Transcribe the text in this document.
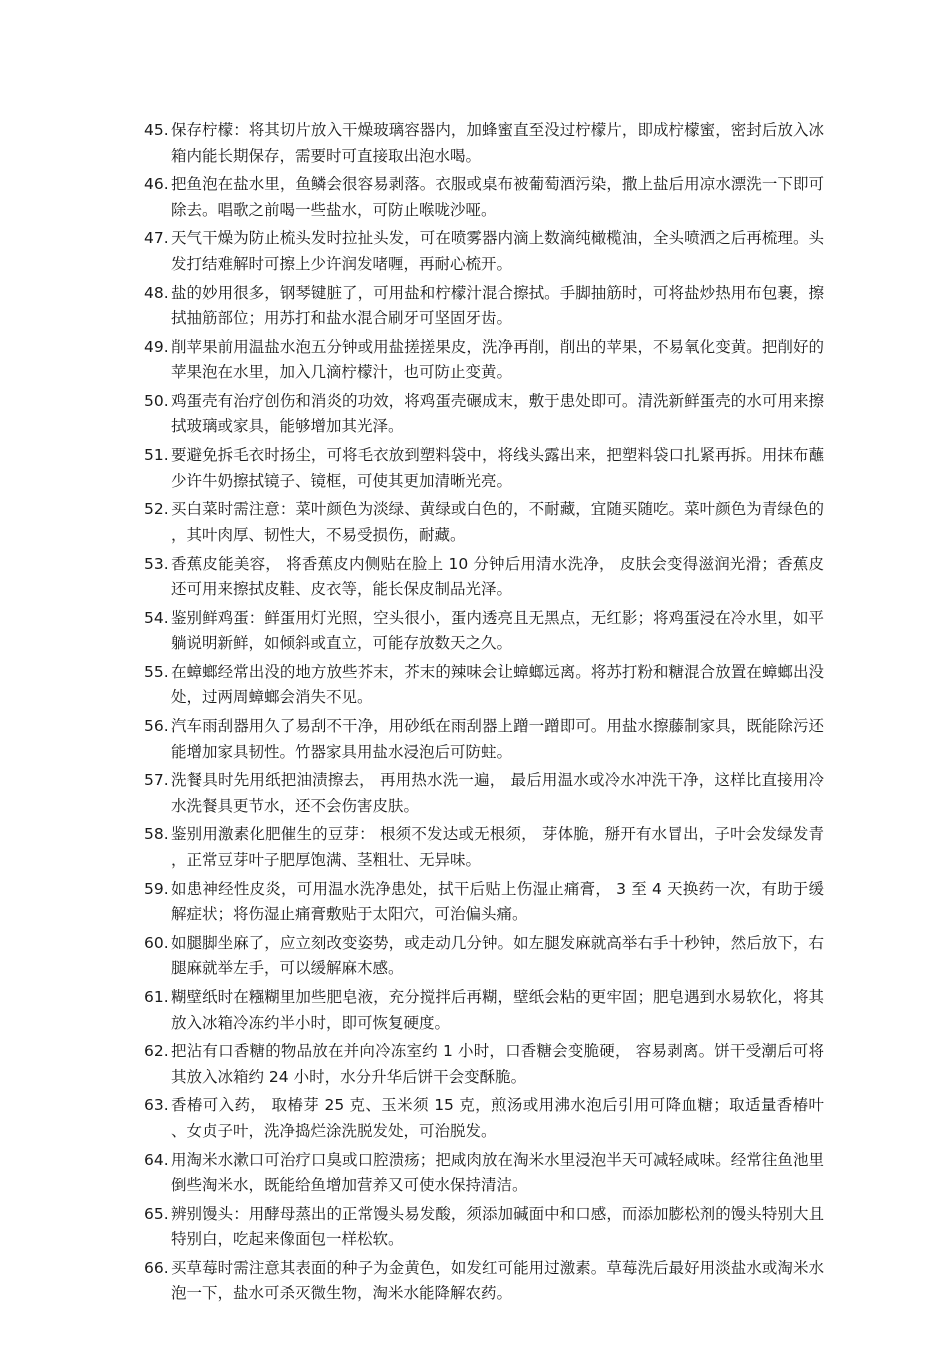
45. 保存柠檬：将其切片放入干燥玻璃容器内，加蜂蜜直至没过柠檬片，即成柠檬蜜，密封后放入冰箱内能长期保存，需要时可直接取出泡水喝。
46. 把鱼泡在盐水里，鱼鳞会很容易剥落。衣服或桌布被葡萄酒污染，撒上盐后用凉水漂洗一下即可除去。唱歌之前喝一些盐水，可防止喉咙沙哑。
47. 天气干燥为防止梳头发时拉扯头发，可在喷雾器内滴上数滴纯橄榄油，全头喷洒之后再梳理。头发打结难解时可擦上少许润发啫喱，再耐心梳开。
48. 盐的妙用很多，钢琴键脏了，可用盐和柠檬汁混合擦拭。手脚抽筋时，可将盐炒热用布包裹，擦拭抽筋部位；用苏打和盐水混合刷牙可坚固牙齿。
49. 削苹果前用温盐水泡五分钟或用盐搓搓果皮，洗净再削，削出的苹果，不易氧化变黄。把削好的苹果泡在水里，加入几滴柠檬汁，也可防止变黄。
50. 鸡蛋壳有治疗创伤和消炎的功效，将鸡蛋壳碾成末，敷于患处即可。清洗新鲜蛋壳的水可用来擦拭玻璃或家具，能够增加其光泽。
51. 要避免拆毛衣时扬尘，可将毛衣放到塑料袋中，将线头露出来，把塑料袋口扎紧再拆。用抹布蘸少许牛奶擦拭镜子、镜框，可使其更加清晰光亮。
52. 买白菜时需注意：菜叶颜色为淡绿、黄绿或白色的，不耐藏，宜随买随吃。菜叶颜色为青绿色的，其叶肉厚、韧性大，不易受损伤，耐藏。
53. 香蕉皮能美容， 将香蕉皮内侧贴在脸上 10 分钟后用清水洗净， 皮肤会变得滋润光滑；香蕉皮还可用来擦拭皮鞋、皮衣等，能长保皮制品光泽。
54. 鉴别鲜鸡蛋：鲜蛋用灯光照，空头很小，蛋内透亮且无黑点，无红影；将鸡蛋浸在冷水里，如平躺说明新鲜，如倾斜或直立，可能存放数天之久。
55. 在蟑螂经常出没的地方放些芥末，芥末的辣味会让蟑螂远离。将苏打粉和糖混合放置在蟑螂出没处，过两周蟑螂会消失不见。
56. 汽车雨刮器用久了易刮不干净，用砂纸在雨刮器上蹭一蹭即可。用盐水擦藤制家具，既能除污还能增加家具韧性。竹器家具用盐水浸泡后可防蛀。
57. 洗餐具时先用纸把油渍擦去， 再用热水洗一遍， 最后用温水或冷水冲洗干净，这样比直接用冷水洗餐具更节水，还不会伤害皮肤。
58. 鉴别用激素化肥催生的豆芽： 根须不发达或无根须， 芽体脆，掰开有水冒出，子叶会发绿发青，正常豆芽叶子肥厚饱满、茎粗壮、无异味。
59. 如患神经性皮炎，可用温水洗净患处，拭干后贴上伤湿止痛膏， 3 至 4 天换药一次，有助于缓解症状；将伤湿止痛膏敷贴于太阳穴，可治偏头痛。
60. 如腿脚坐麻了，应立刻改变姿势，或走动几分钟。如左腿发麻就高举右手十秒钟，然后放下，右腿麻就举左手，可以缓解麻木感。
61. 糊壁纸时在糨糊里加些肥皂液，充分搅拌后再糊，壁纸会粘的更牢固；肥皂遇到水易软化，将其放入冰箱冷冻约半小时，即可恢复硬度。
62. 把沾有口香糖的物品放在并向冷冻室约 1 小时，口香糖会变脆硬， 容易剥离。饼干受潮后可将其放入冰箱约 24 小时，水分升华后饼干会变酥脆。
63. 香椿可入药， 取椿芽 25 克、玉米须 15 克，煎汤或用沸水泡后引用可降血糖；取适量香椿叶、女贞子叶，洗净捣烂涂洗脱发处，可治脱发。
64. 用淘米水漱口可治疗口臭或口腔溃疡；把咸肉放在淘米水里浸泡半天可减轻咸味。经常往鱼池里倒些淘米水，既能给鱼增加营养又可使水保持清洁。
65. 辨别馒头：用酵母蒸出的正常馒头易发酸，须添加碱面中和口感，而添加膨松剂的馒头特别大且特别白，吃起来像面包一样松软。
66. 买草莓时需注意其表面的种子为金黄色，如发红可能用过激素。草莓洗后最好用淡盐水或淘米水泡一下，盐水可杀灭微生物，淘米水能降解农药。
